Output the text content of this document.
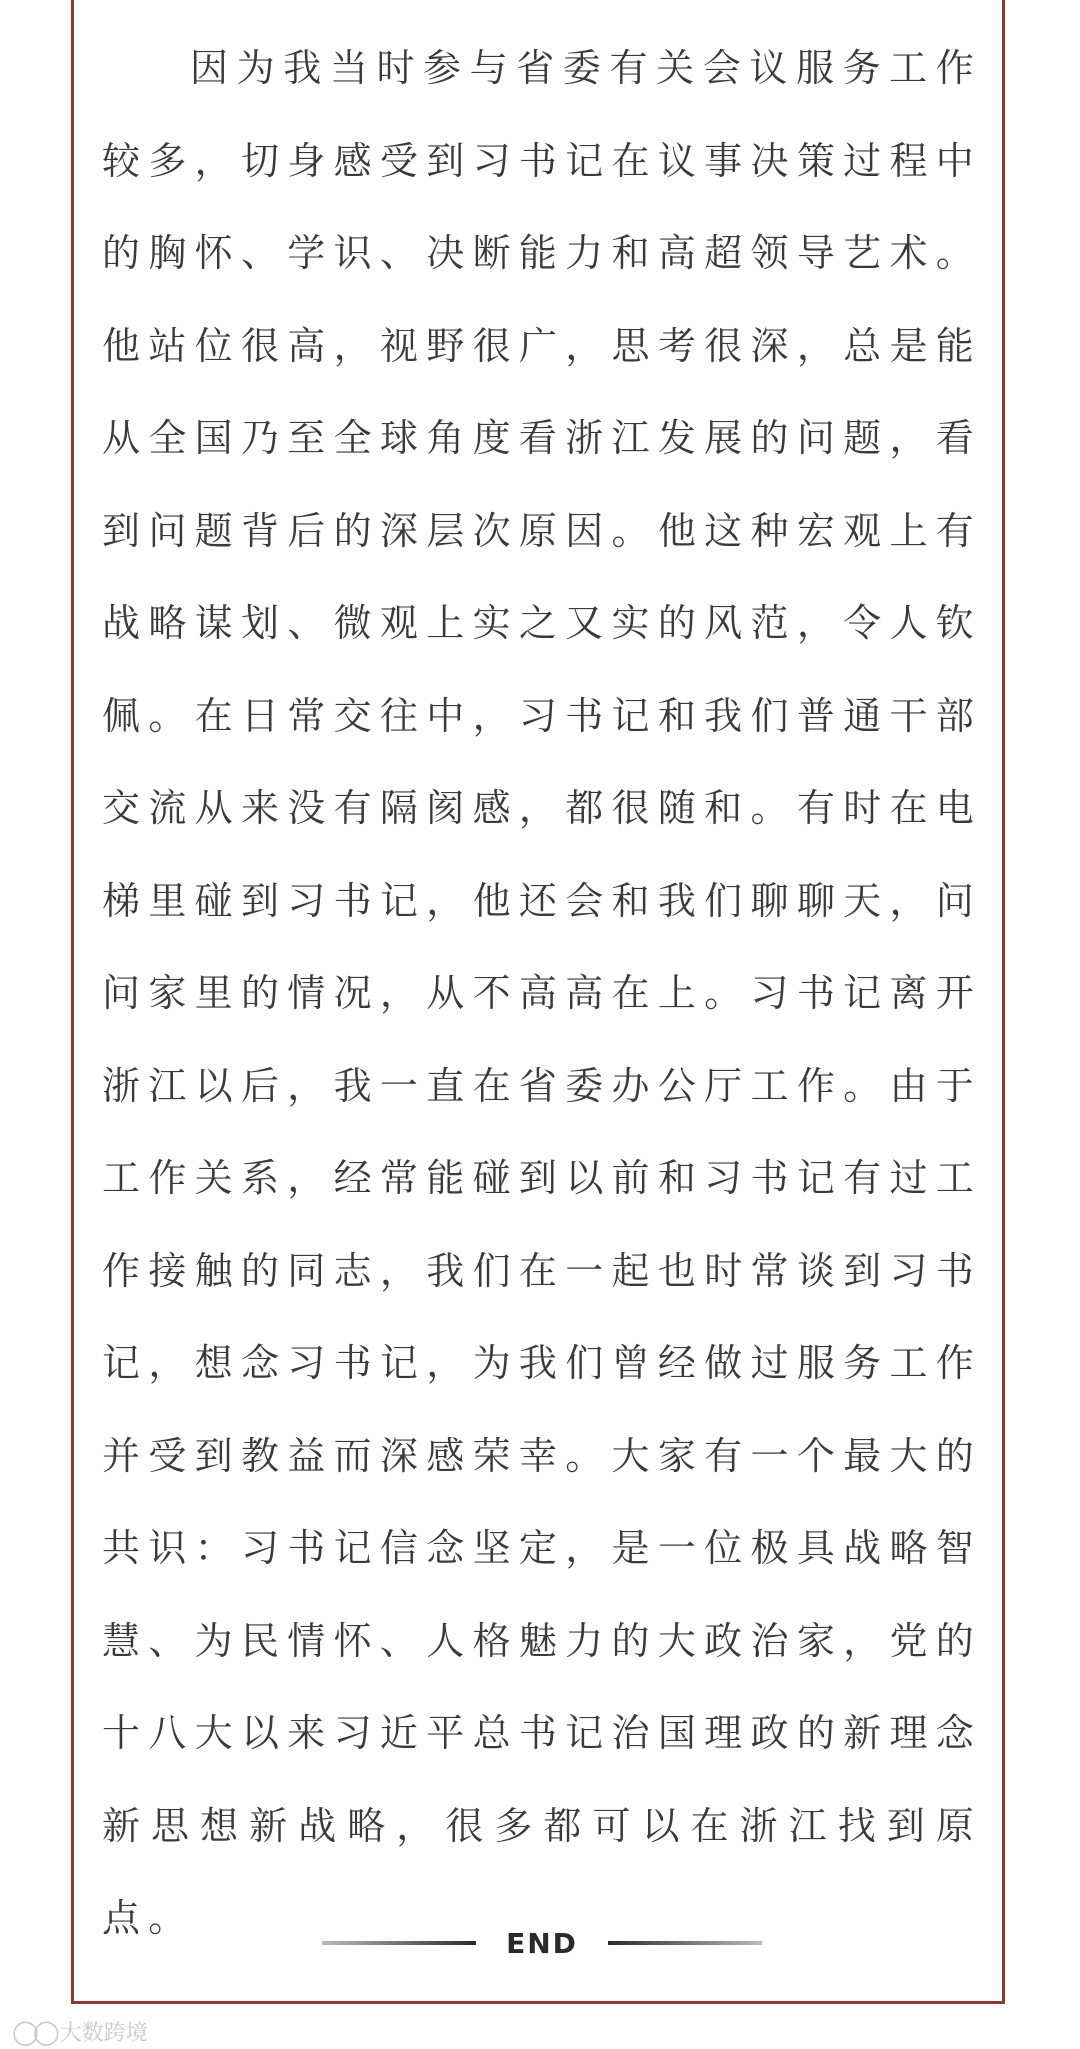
因为我当时参与省委有关会议服务工作较多，切身感受到习书记在议事决策过程中的胸怀、学识、决断能力和高超领导艺术。他站位很高，视野很广，思考很深，总是能从全国乃至全球角度看浙江发展的问题，看到问题背后的深层次原因。他这种宏观上有战略谋划、微观上实之又实的风范，令人钦佩。在日常交往中，习书记和我们普通干部交流从来没有隔阂感，都很随和。有时在电梯里碰到习书记，他还会和我们聊聊天，问问家里的情况，从不高高在上。习书记离开浙江以后，我一直在省委办公厅工作。由于工作关系，经常能碰到以前和习书记有过工作接触的同志，我们在一起也时常谈到习书记，想念习书记，为我们曾经做过服务工作并受到教益而深感荣幸。大家有一个最大的共识：习书记信念坚定，是一位极具战略智慧、为民情怀、人格魅力的大政治家，党的十八大以来习近平总书记治国理政的新理念新思想新战略，很多都可以在浙江找到原点。

END
◯◯ 大数跨境
